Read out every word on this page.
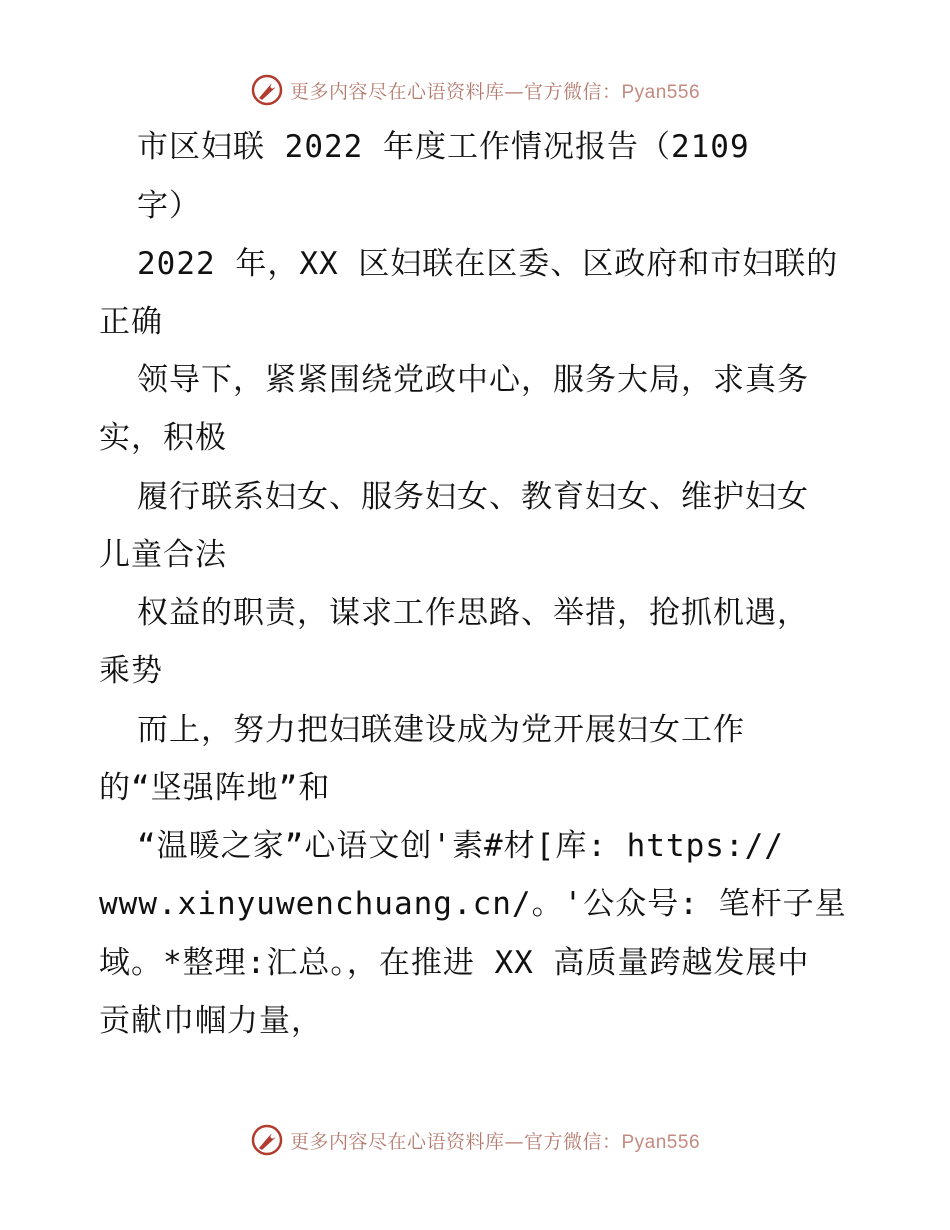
更多内容尽在心语资料库—官方微信：Pyan556
市区妇联 2022 年度工作情况报告（2109
字）
2022 年，XX 区妇联在区委、区政府和市妇联的
正确
领导下，紧紧围绕党政中心，服务大局，求真务
实，积极
履行联系妇女、服务妇女、教育妇女、维护妇女
儿童合法
权益的职责，谋求工作思路、举措，抢抓机遇，
乘势
而上，努力把妇联建设成为党开展妇女工作
的“坚强阵地”和
“温暖之家”心语文创'素#材[库: https://
www.xinyuwenchuang.cn/。'公众号: 笔杆子星
域。*整理:汇总。，在推进 XX 高质量跨越发展中
贡献巾帼力量，
更多内容尽在心语资料库—官方微信：Pyan556
